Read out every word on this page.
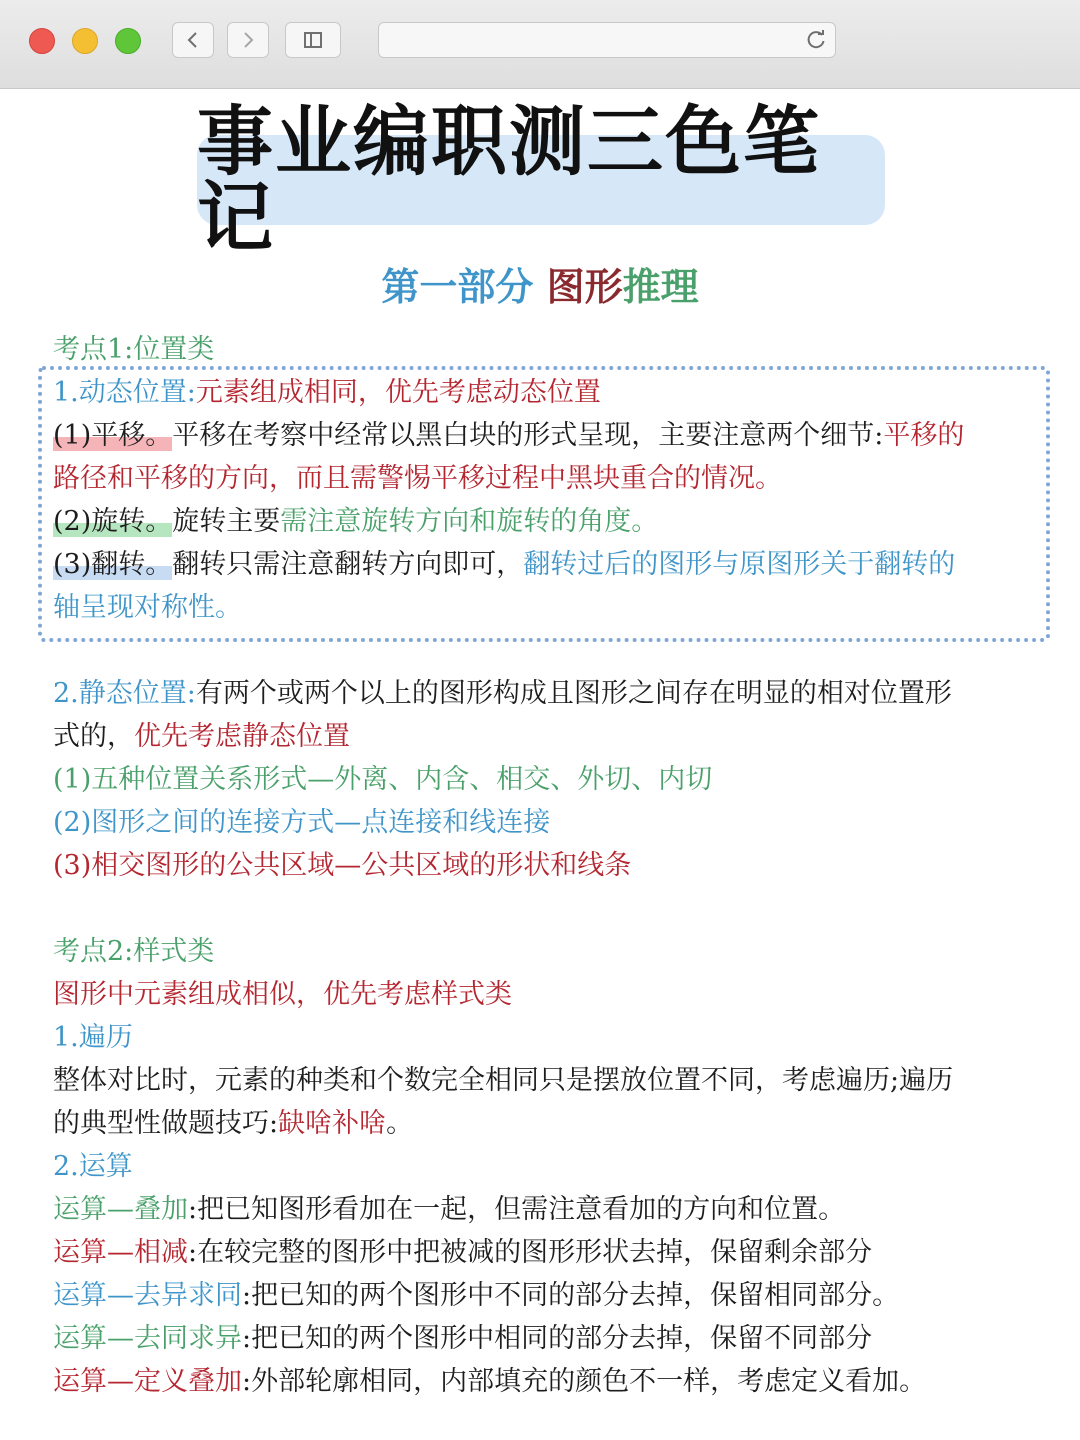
事业编职测三色笔记
第一部分 图形推理
考点1:位置类
1.动态位置:元素组成相同，优先考虑动态位置
(1)平移。平移在考察中经常以黑白块的形式呈现，主要注意两个细节:平移的
路径和平移的方向，而且需警惕平移过程中黑块重合的情况。
(2)旋转。旋转主要需注意旋转方向和旋转的角度。
(3)翻转。翻转只需注意翻转方向即可，翻转过后的图形与原图形关于翻转的
轴呈现对称性。
2.静态位置:有两个或两个以上的图形构成且图形之间存在明显的相对位置形
式的，优先考虑静态位置
(1)五种位置关系形式—外离、内含、相交、外切、内切
(2)图形之间的连接方式—点连接和线连接
(3)相交图形的公共区域—公共区域的形状和线条
考点2:样式类
图形中元素组成相似，优先考虑样式类
1.遍历
整体对比时，元素的种类和个数完全相同只是摆放位置不同，考虑遍历;遍历
的典型性做题技巧:缺啥补啥。
2.运算
运算—叠加:把已知图形看加在一起，但需注意看加的方向和位置。
运算—相减:在较完整的图形中把被减的图形形状去掉，保留剩余部分
运算—去异求同:把已知的两个图形中不同的部分去掉，保留相同部分。
运算—去同求异:把已知的两个图形中相同的部分去掉，保留不同部分
运算—定义叠加:外部轮廓相同，内部填充的颜色不一样，考虑定义看加。
